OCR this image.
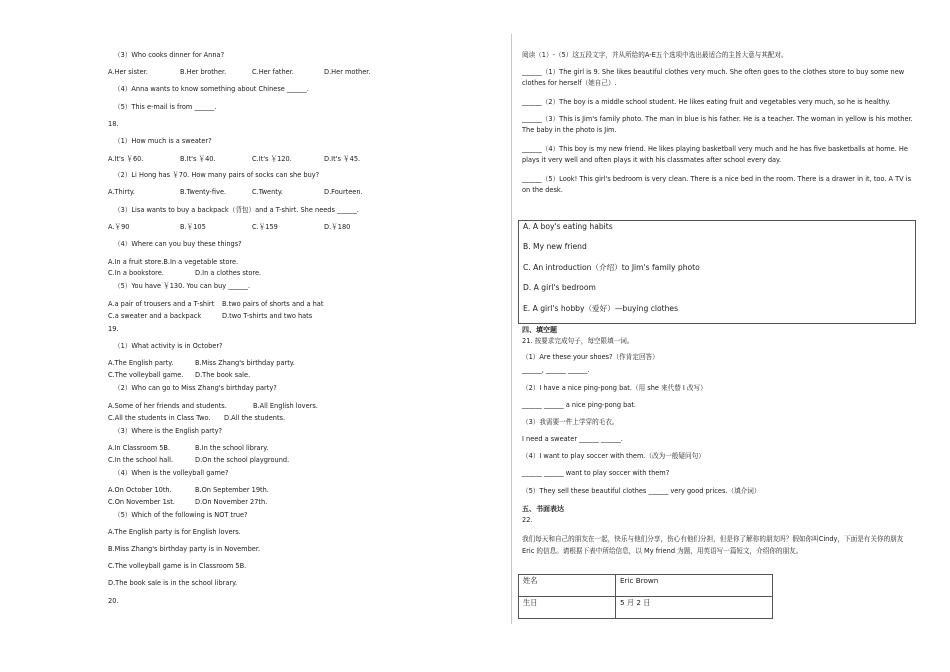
（3）Who cooks dinner for Anna?
A.Her sister.	B.Her brother.	C.Her father.	D.Her mother.
（4）Anna wants to know something about Chinese ______.
（5）This e-mail is from ______.
18.
（1）How much is a sweater?
A.It's ￥60.	B.It's ￥40.	C.It's ￥120.	D.It's ￥45.
（2）Li Hong has ￥70. How many pairs of socks can she buy?
A.Thirty.	B.Twenty-five.	C.Twenty.	D.Fourteen.
（3）Lisa wants to buy a backpack（背包）and a T-shirt. She needs ______.
A.￥90	B.￥105	C.￥159	D.￥180
（4）Where can you buy these things?
A.In a fruit store.B.In a vegetable store.
C.In a bookstore.	D.In a clothes store.
（5）You have ￥130. You can buy ______.
A.a pair of trousers and a T-shirt B.two pairs of shorts and a hat
C.a sweater and a backpack	D.two T-shirts and two hats
19.
（1）What activity is in October?
A.The English party.	B.Miss Zhang's birthday party.
C.The volleyball game. D.The book sale.
（2）Who can go to Miss Zhang's birthday party?
A.Some of her friends and students.	B.All English lovers.
C.All the students in Class Two. D.All the students.
（3）Where is the English party?
A.In Classroom 5B.	B.In the school library.
C.In the school hall.	D.On the school playground.
（4）When is the volleyball game?
A.On October 10th.	B.On September 19th.
C.On November 1st.	D.On November 27th.
（5）Which of the following is NOT true?
A.The English party is for English lovers.
B.Miss Zhang's birthday party is in November.
C.The volleyball game is in Classroom 5B.
D.The book sale is in the school library.
20.
阅读（1）-（5）这五段文字，并从所给的A-E五个选项中选出最适合的主旨大意与其配对。
______（1）The girl is 9. She likes beautiful clothes very much. She often goes to the clothes store to buy some new clothes for herself（她自己）.
______（2）The boy is a middle school student. He likes eating fruit and vegetables very much, so he is healthy.
______（3）This is Jim's family photo. The man in blue is his father. He is a teacher. The woman in yellow is his mother. The baby in the photo is Jim.
______（4）This boy is my new friend. He likes playing basketball very much and he has five basketballs at home. He plays it very well and often plays it with his classmates after school every day.
______（5）Look! This girl's bedroom is very clean. There is a nice bed in the room. There is a drawer in it, too. A TV is on the desk.
A. A boy's eating habits
B. My new friend
C. An introduction（介绍）to Jim's family photo
D. A girl's bedroom
E. A girl's hobby（爱好）—buying clothes
四、填空题
21. 按要求完成句子，每空限填一词。
（1）Are these your shoes?（作肯定回答）
______, ______ ______.
（2）I have a nice ping-pong bat.（用 she 来代替 I 改写）
______ ______ a nice ping-pong bat.
（3）我需要一件上学穿的毛衣。
I need a sweater ______ ______.
（4）I want to play soccer with them.（改为一般疑问句）
______ ______ want to play soccer with them?
（5）They sell these beautiful clothes ______ very good prices.（填介词）
五、书面表达
22.
我们每天和自己的朋友在一起，快乐与他们分享，伤心有他们分担，但是你了解你的朋友吗？假如你叫Cindy，下面是有关你的朋友 Eric 的信息。请根据下表中所给信息，以 My friend 为题，用英语写一篇短文，介绍你的朋友。
姓名	Eric Brown
生日	5 月 2 日
